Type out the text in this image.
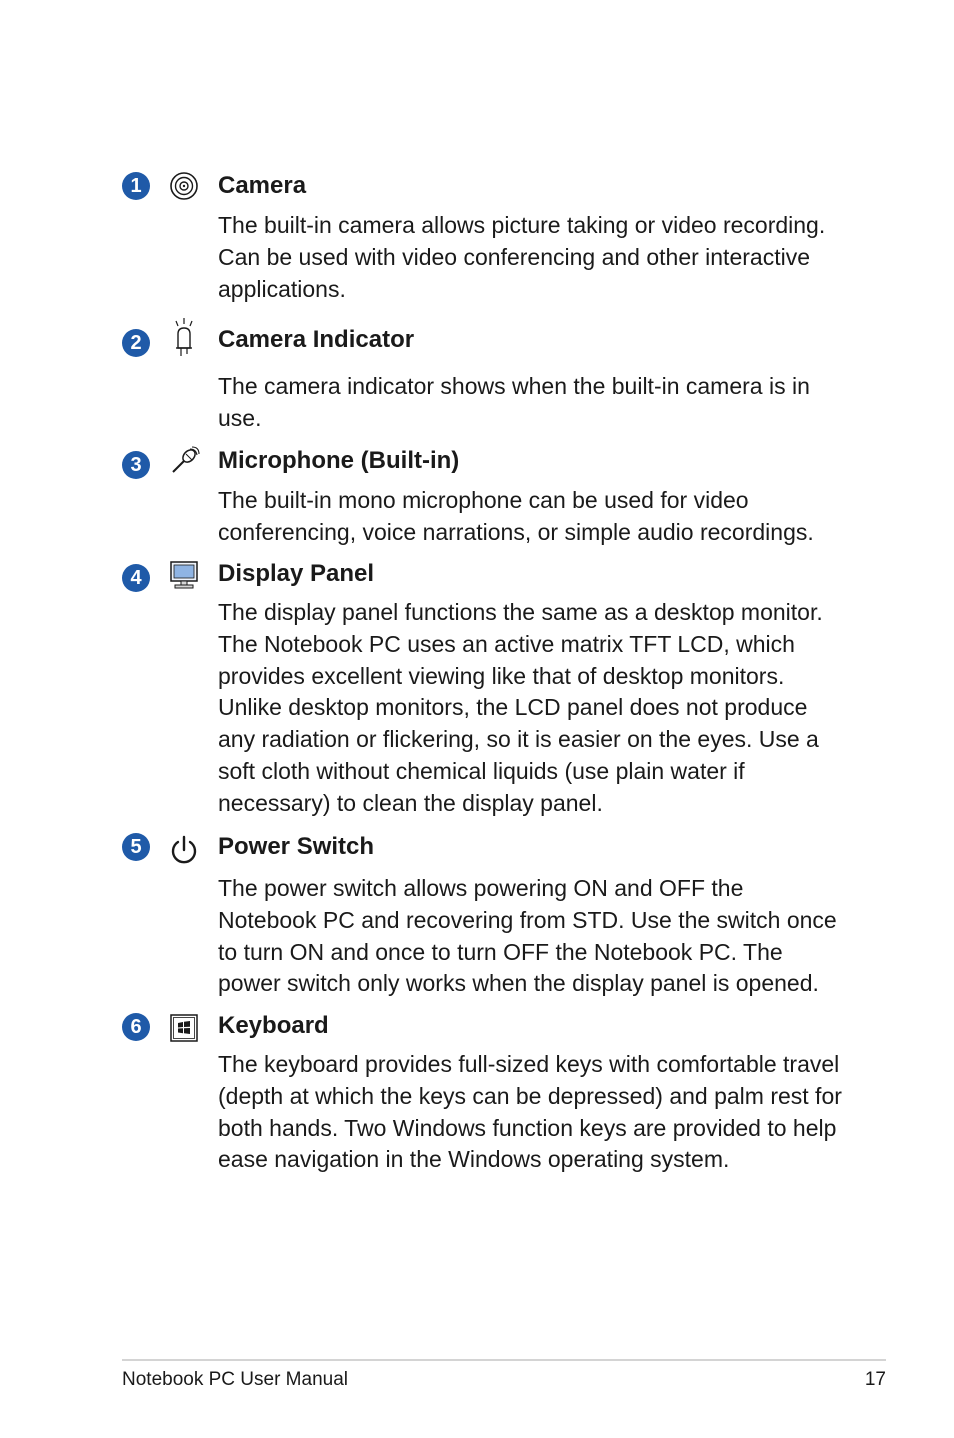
1	Camera

The built-in camera allows picture taking or video recording. Can be used with video conferencing and other interactive applications.

2	Camera Indicator

The camera indicator shows when the built-in camera is in use.

3	Microphone (Built-in)

The built-in mono microphone can be used for video conferencing, voice narrations, or simple audio recordings.

4	Display Panel

The display panel functions the same as a desktop monitor. The Notebook PC uses an active matrix TFT LCD, which provides excellent viewing like that of desktop monitors. Unlike desktop monitors, the LCD panel does not produce any radiation or flickering, so it is easier on the eyes. Use a soft cloth without chemical liquids (use plain water if necessary) to clean the display panel.

5	Power Switch

The power switch allows powering ON and OFF the Notebook PC and recovering from STD. Use the switch once to turn ON and once to turn OFF the Notebook PC. The power switch only works when the display panel is opened.

6	Keyboard

The keyboard provides full-sized keys with comfortable travel (depth at which the keys can be depressed) and palm rest for both hands. Two Windows function keys are provided to help ease navigation in the Windows operating system.

Notebook PC User Manual	17
